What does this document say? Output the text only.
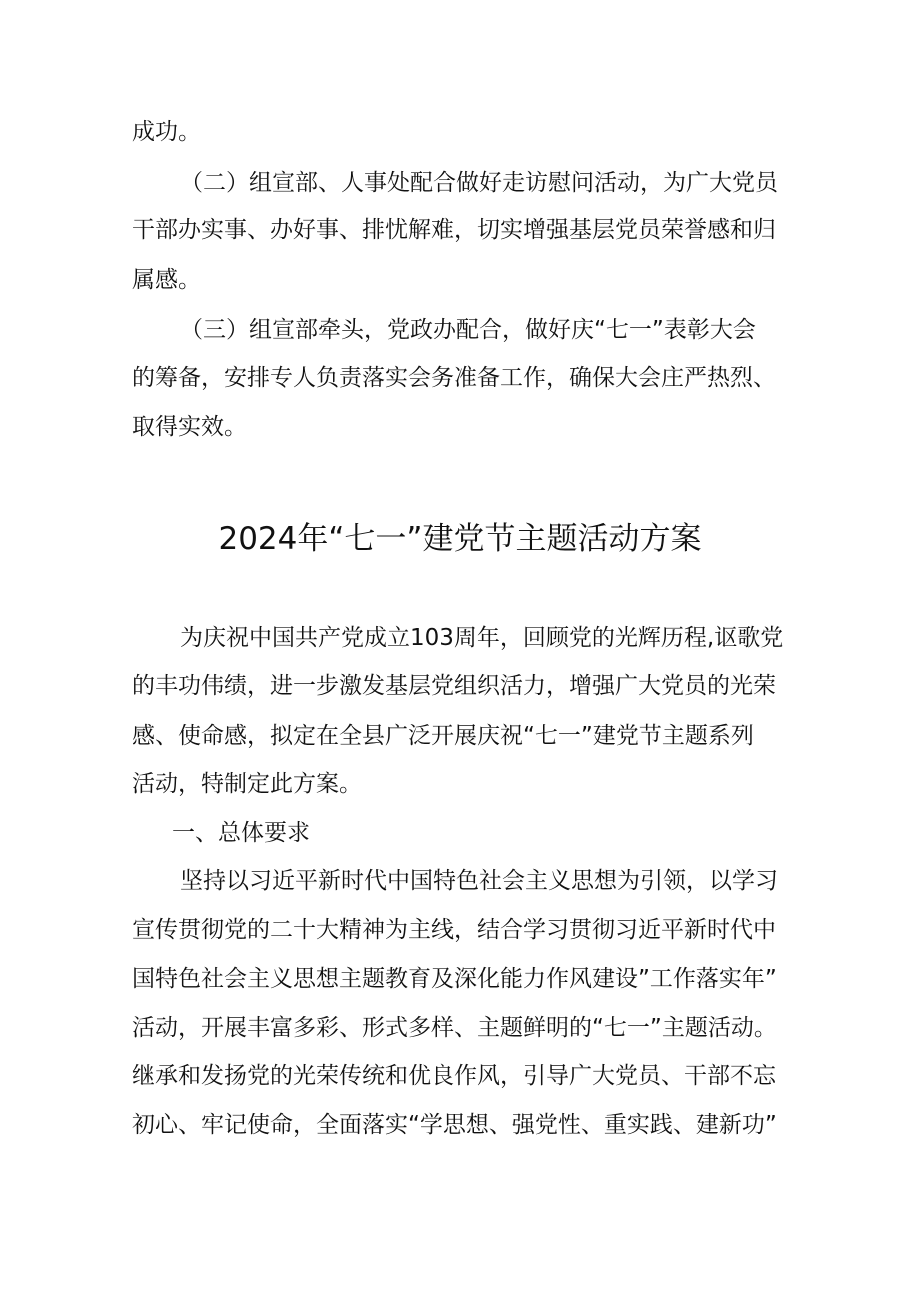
成功。
（二）组宣部、人事处配合做好走访慰问活动，为广大党员
干部办实事、办好事、排忧解难，切实增强基层党员荣誉感和归
属感。
（三）组宣部牵头，党政办配合，做好庆“七一”表彰大会
的筹备，安排专人负责落实会务准备工作，确保大会庄严热烈、
取得实效。
2024年“七一”建党节主题活动方案
为庆祝中国共产党成立103周年，回顾党的光辉历程,讴歌党
的丰功伟绩，进一步激发基层党组织活力，增强广大党员的光荣
感、使命感，拟定在全县广泛开展庆祝“七一”建党节主题系列
活动，特制定此方案。
一、总体要求
坚持以习近平新时代中国特色社会主义思想为引领，以学习
宣传贯彻党的二十大精神为主线，结合学习贯彻习近平新时代中
国特色社会主义思想主题教育及深化能力作风建设”工作落实年”
活动，开展丰富多彩、形式多样、主题鲜明的“七一”主题活动。
继承和发扬党的光荣传统和优良作风，引导广大党员、干部不忘
初心、牢记使命，全面落实“学思想、强党性、重实践、建新功”
